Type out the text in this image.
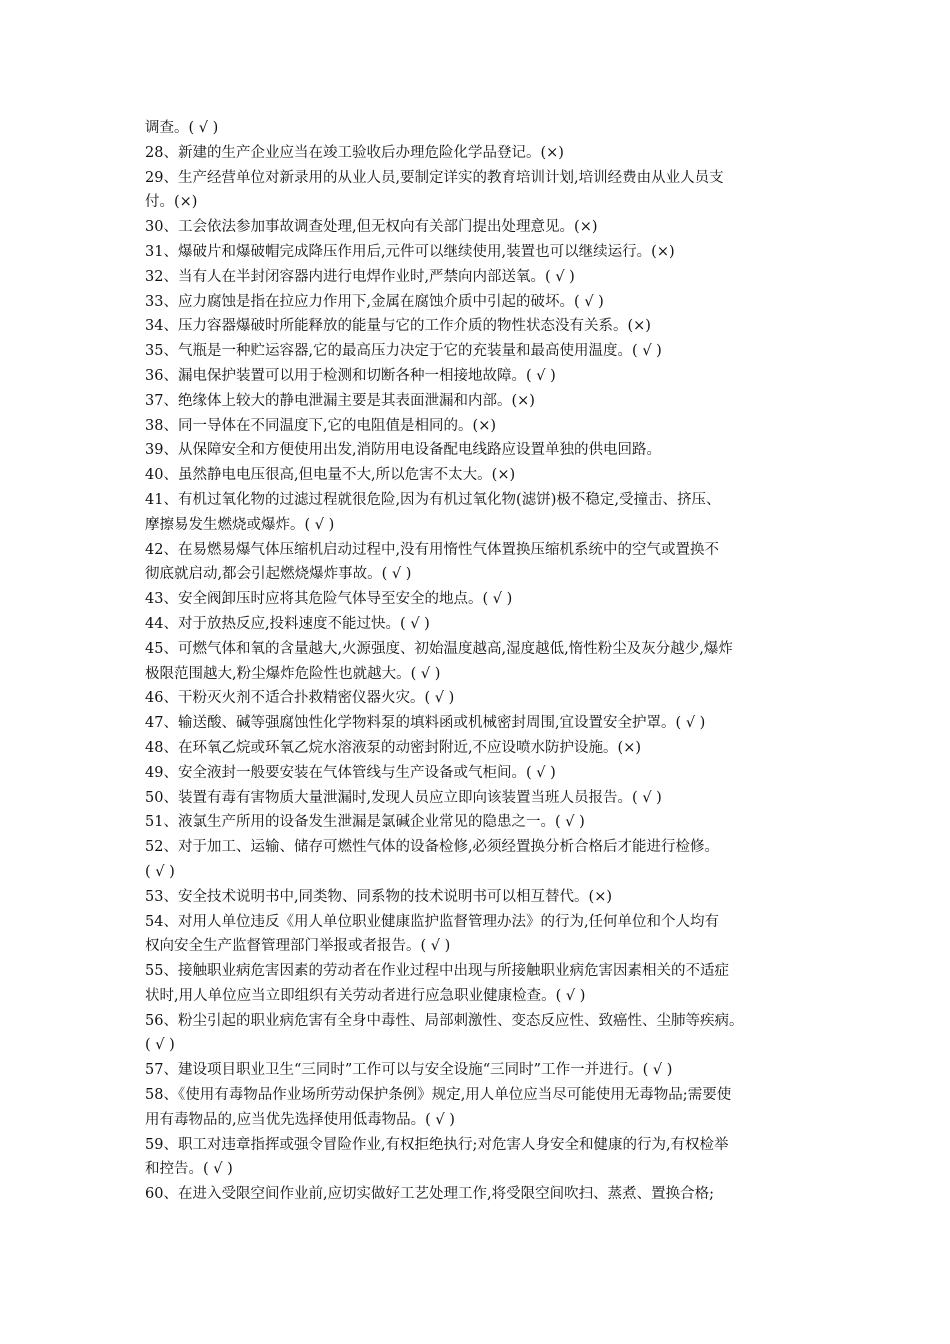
调查。( √ )
28、新建的生产企业应当在竣工验收后办理危险化学品登记。(×)
29、生产经营单位对新录用的从业人员,要制定详实的教育培训计划,培训经费由从业人员支
付。(×)
30、工会依法参加事故调查处理,但无权向有关部门提出处理意见。(×)
31、爆破片和爆破帽完成降压作用后,元件可以继续使用,装置也可以继续运行。(×)
32、当有人在半封闭容器内进行电焊作业时,严禁向内部送氧。( √ )
33、应力腐蚀是指在拉应力作用下,金属在腐蚀介质中引起的破坏。( √ )
34、压力容器爆破时所能释放的能量与它的工作介质的物性状态没有关系。(×)
35、气瓶是一种贮运容器,它的最高压力决定于它的充装量和最高使用温度。( √ )
36、漏电保护装置可以用于检测和切断各种一相接地故障。( √ )
37、绝缘体上较大的静电泄漏主要是其表面泄漏和内部。(×)
38、同一导体在不同温度下,它的电阻值是相同的。(×)
39、从保障安全和方便使用出发,消防用电设备配电线路应设置单独的供电回路。
40、虽然静电电压很高,但电量不大,所以危害不太大。(×)
41、有机过氧化物的过滤过程就很危险,因为有机过氧化物(滤饼)极不稳定,受撞击、挤压、
摩擦易发生燃烧或爆炸。( √ )
42、在易燃易爆气体压缩机启动过程中,没有用惰性气体置换压缩机系统中的空气或置换不
彻底就启动,都会引起燃烧爆炸事故。( √ )
43、安全阀卸压时应将其危险气体导至安全的地点。( √ )
44、对于放热反应,投料速度不能过快。( √ )
45、可燃气体和氧的含量越大,火源强度、初始温度越高,湿度越低,惰性粉尘及灰分越少,爆炸
极限范围越大,粉尘爆炸危险性也就越大。( √ )
46、干粉灭火剂不适合扑救精密仪器火灾。( √ )
47、输送酸、碱等强腐蚀性化学物料泵的填料函或机械密封周围,宜设置安全护罩。( √ )
48、在环氧乙烷或环氧乙烷水溶液泵的动密封附近,不应设喷水防护设施。(×)
49、安全液封一般要安装在气体管线与生产设备或气柜间。( √ )
50、装置有毒有害物质大量泄漏时,发现人员应立即向该装置当班人员报告。( √ )
51、液氯生产所用的设备发生泄漏是氯碱企业常见的隐患之一。( √ )
52、对于加工、运输、储存可燃性气体的设备检修,必须经置换分析合格后才能进行检修。
( √ )
53、安全技术说明书中,同类物、同系物的技术说明书可以相互替代。(×)
54、对用人单位违反《用人单位职业健康监护监督管理办法》的行为,任何单位和个人均有
权向安全生产监督管理部门举报或者报告。( √ )
55、接触职业病危害因素的劳动者在作业过程中出现与所接触职业病危害因素相关的不适症
状时,用人单位应当立即组织有关劳动者进行应急职业健康检查。( √ )
56、粉尘引起的职业病危害有全身中毒性、局部刺激性、变态反应性、致癌性、尘肺等疾病。
( √ )
57、建设项目职业卫生“三同时”工作可以与安全设施“三同时”工作一并进行。( √ )
58、《使用有毒物品作业场所劳动保护条例》规定,用人单位应当尽可能使用无毒物品;需要使
用有毒物品的,应当优先选择使用低毒物品。( √ )
59、职工对违章指挥或强令冒险作业,有权拒绝执行;对危害人身安全和健康的行为,有权检举
和控告。( √ )
60、在进入受限空间作业前,应切实做好工艺处理工作,将受限空间吹扫、蒸煮、置换合格;
